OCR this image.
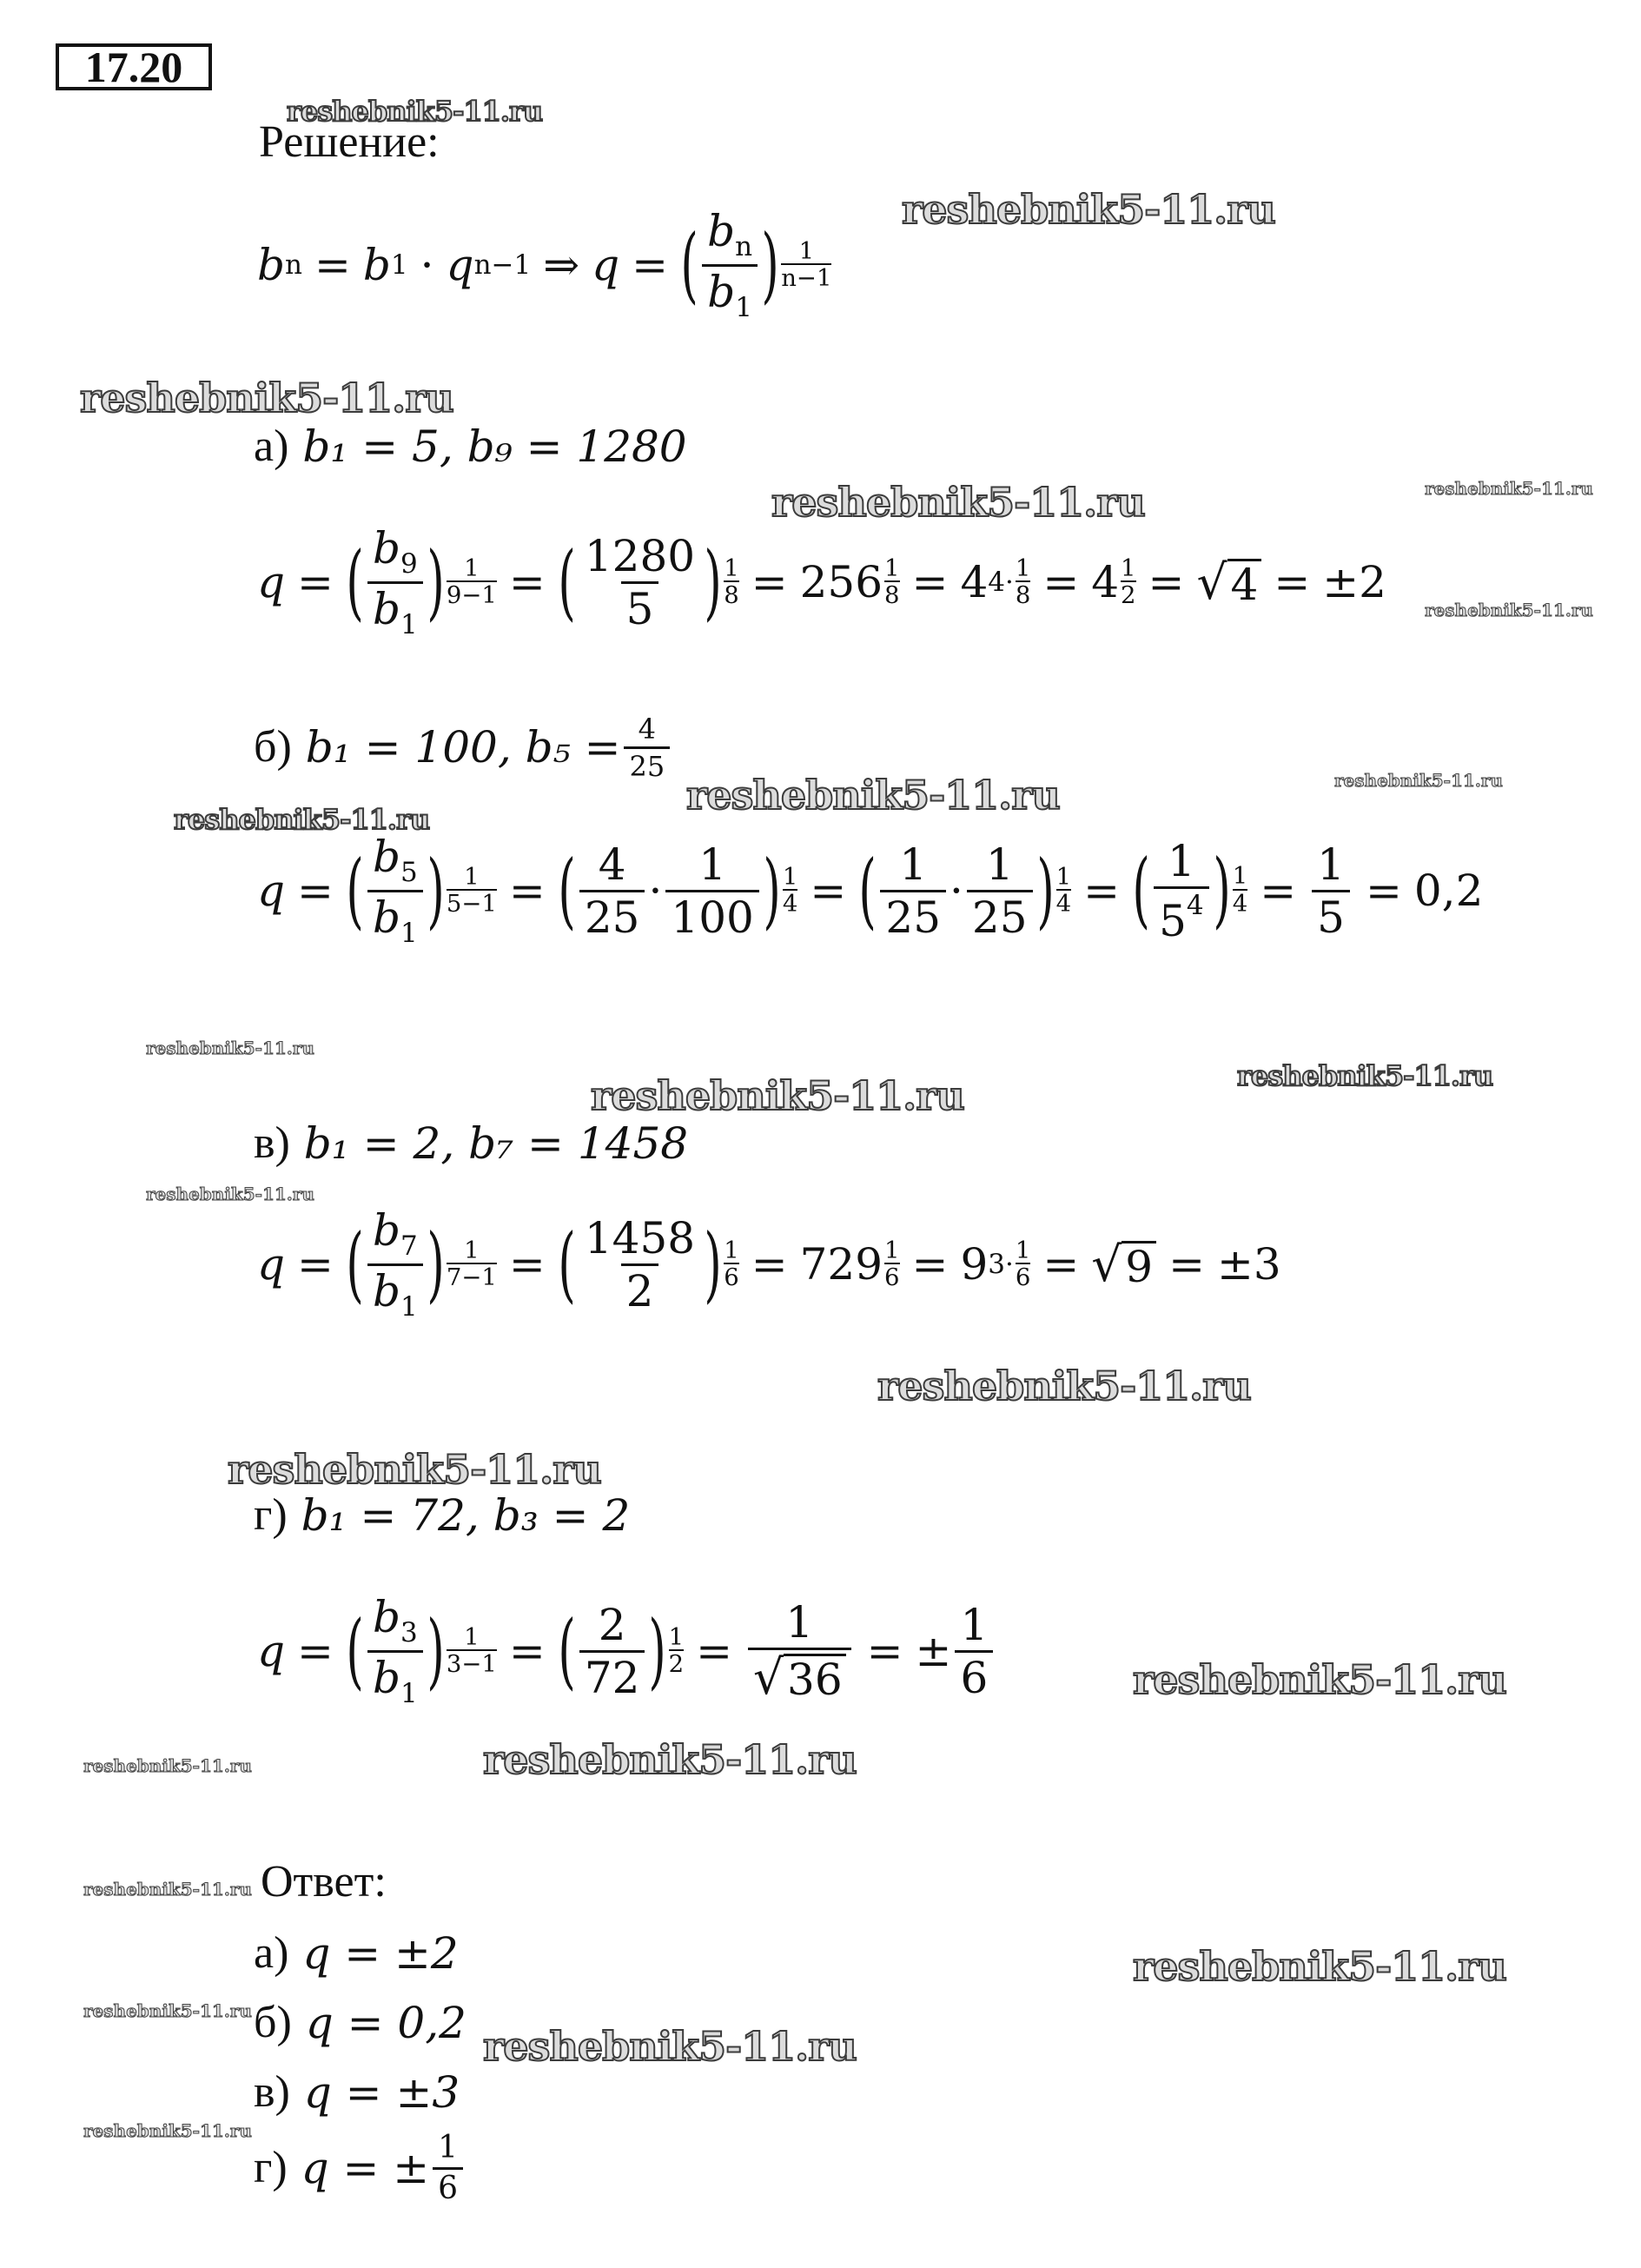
17.20
Решение:
b n = b 1 · q n−1 ⇒ q = ( $\frac{b_n}{b_1}$ ) $\frac{1}{n-1}$
а)
b₁ = 5, b₉ = 1280
q = ( $\frac{b_9}{b_1}$ ) $\frac{1}{9-1}$ = ( $\frac{1280}{5}$ ) $\frac{1}{8} = 256 \frac{1}{8} = 4$ $4\cdot \frac{1}{8} = 4 \frac{1}{2}$ = √ 4 = ±2
б)
b₁ = 100, $b_5 = \frac{4}{25}$
q = ( $\frac{b_5}{b_1}$ ) $\frac{1}{5-1}$ = ( $\frac{4}{25} \cdot \frac{1}{100}$ ) $\frac{1}{4}$ = ( $\frac{1}{25} \cdot \frac{1}{25}$ ) $\frac{1}{4}$ = ( $\frac{1}{5^4}$ ) $\frac{1}{4} = \frac{1}{5} = 0,2$
в)
b₁ = 2, b₇ = 1458
q = ( $\frac{b_7}{b_1}$ ) $\frac{1}{7-1}$ = ( $\frac{1458}{2}$ ) $\frac{1}{6} = 729 \frac{1}{6} = 9$ $3\cdot \frac{1}{6}$ = √ 9 = ±3
г)
b₁ = 72, b₃ = 2
q = ( $\frac{b_3}{b_1}$ ) $\frac{1}{3-1}$ = ( $\frac{2}{72}$ ) $\frac{1}{2} = \frac{1}{√ 36}$ = ± $\frac{1}{6}$
Ответ:
а)
q = ±2
б)
q = 0,2
в)
q = ±3
г)
q = ± $\frac{1}{6}$
reshebnik5-11.ru
reshebnik5-11.ru
reshebnik5-11.ru
reshebnik5-11.ru
reshebnik5-11.ru
reshebnik5-11.ru
reshebnik5-11.ru
reshebnik5-11.ru
reshebnik5-11.ru
reshebnik5-11.ru
reshebnik5-11.ru
reshebnik5-11.ru
reshebnik5-11.ru
reshebnik5-11.ru
reshebnik5-11.ru
reshebnik5-11.ru
reshebnik5-11.ru	reshebnik5-11.ru
reshebnik5-11.ru
reshebnik5-11.ru
reshebnik5-11.ru
reshebnik5-11.ru
reshebnik5-11.ru
